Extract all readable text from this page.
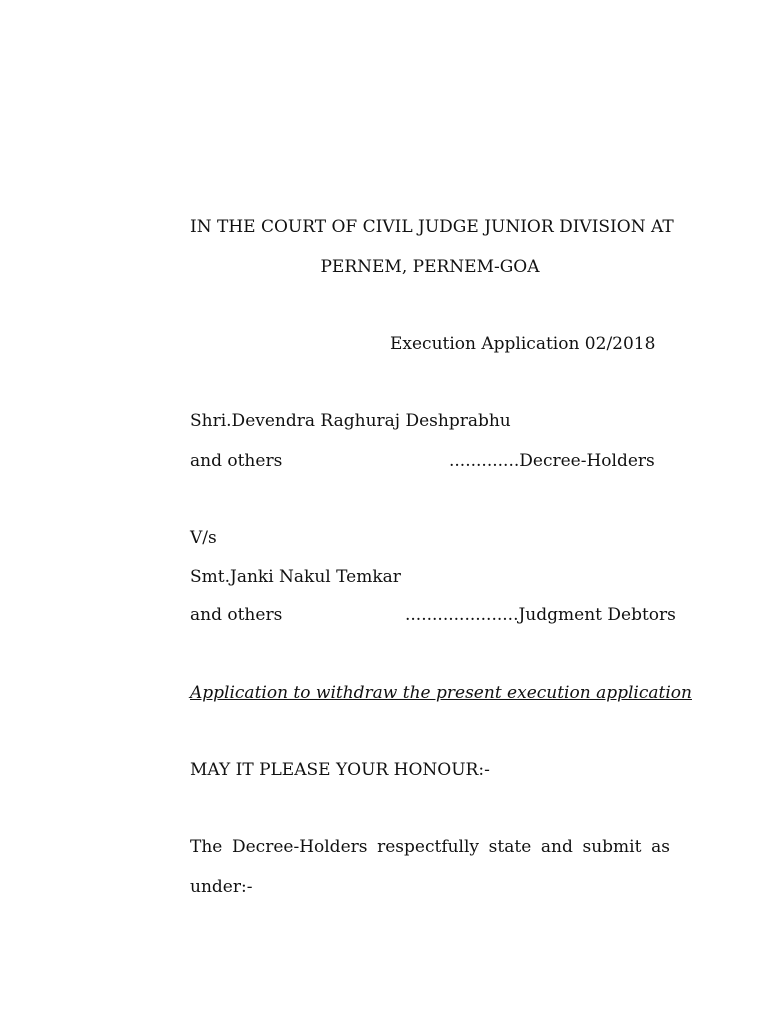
IN THE COURT OF CIVIL JUDGE JUNIOR DIVISION AT
PERNEM, PERNEM-GOA
Execution Application 02/2018
Shri.Devendra Raghuraj Deshprabhu
and others	.............Decree-Holders
V/s
Smt.Janki Nakul Temkar
and others	.....................Judgment Debtors
Application to withdraw the present execution application
MAY IT PLEASE YOUR HONOUR:-
The Decree-Holders respectfully state and submit as
under:-
